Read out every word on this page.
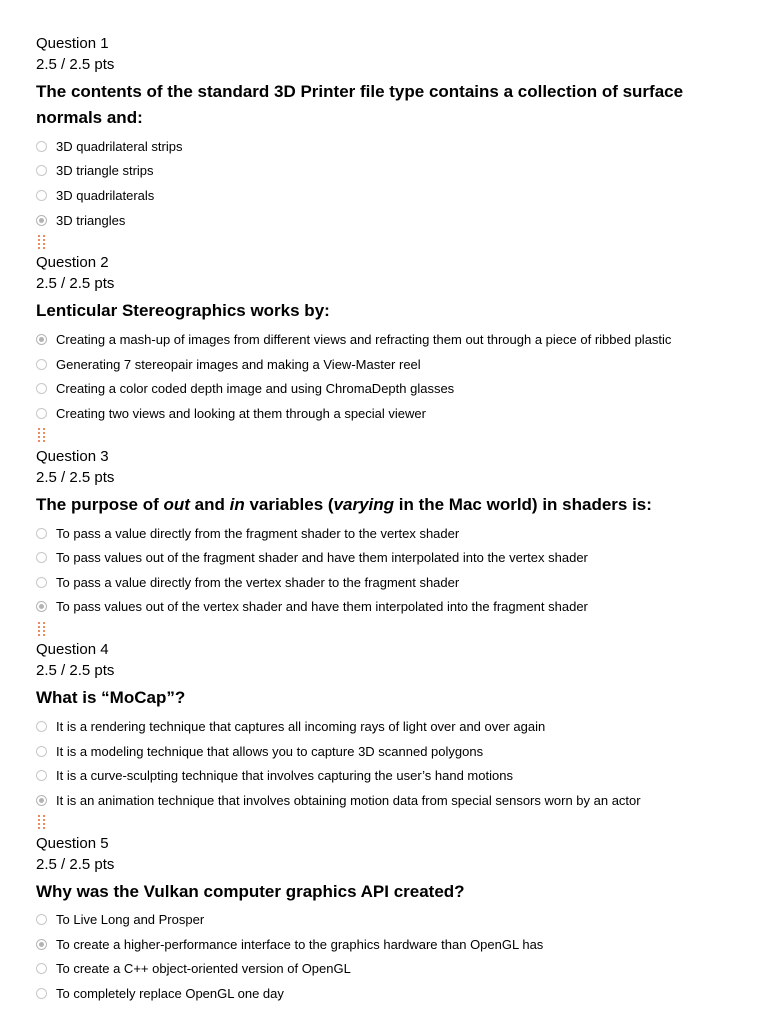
Question 1
2.5 / 2.5 pts
The contents of the standard 3D Printer file type contains a collection of surface normals and:
3D quadrilateral strips
3D triangle strips
3D quadrilaterals
3D triangles
Question 2
2.5 / 2.5 pts
Lenticular Stereographics works by:
Creating a mash-up of images from different views and refracting them out through a piece of ribbed plastic
Generating 7 stereopair images and making a View-Master reel
Creating a color coded depth image and using ChromaDepth glasses
Creating two views and looking at them through a special viewer
Question 3
2.5 / 2.5 pts
The purpose of out and in variables (varying in the Mac world) in shaders is:
To pass a value directly from the fragment shader to the vertex shader
To pass values out of the fragment shader and have them interpolated into the vertex shader
To pass a value directly from the vertex shader to the fragment shader
To pass values out of the vertex shader and have them interpolated into the fragment shader
Question 4
2.5 / 2.5 pts
What is “MoCap”?
It is a rendering technique that captures all incoming rays of light over and over again
It is a modeling technique that allows you to capture 3D scanned polygons
It is a curve-sculpting technique that involves capturing the user’s hand motions
It is an animation technique that involves obtaining motion data from special sensors worn by an actor
Question 5
2.5 / 2.5 pts
Why was the Vulkan computer graphics API created?
To Live Long and Prosper
To create a higher-performance interface to the graphics hardware than OpenGL has
To create a C++ object-oriented version of OpenGL
To completely replace OpenGL one day
